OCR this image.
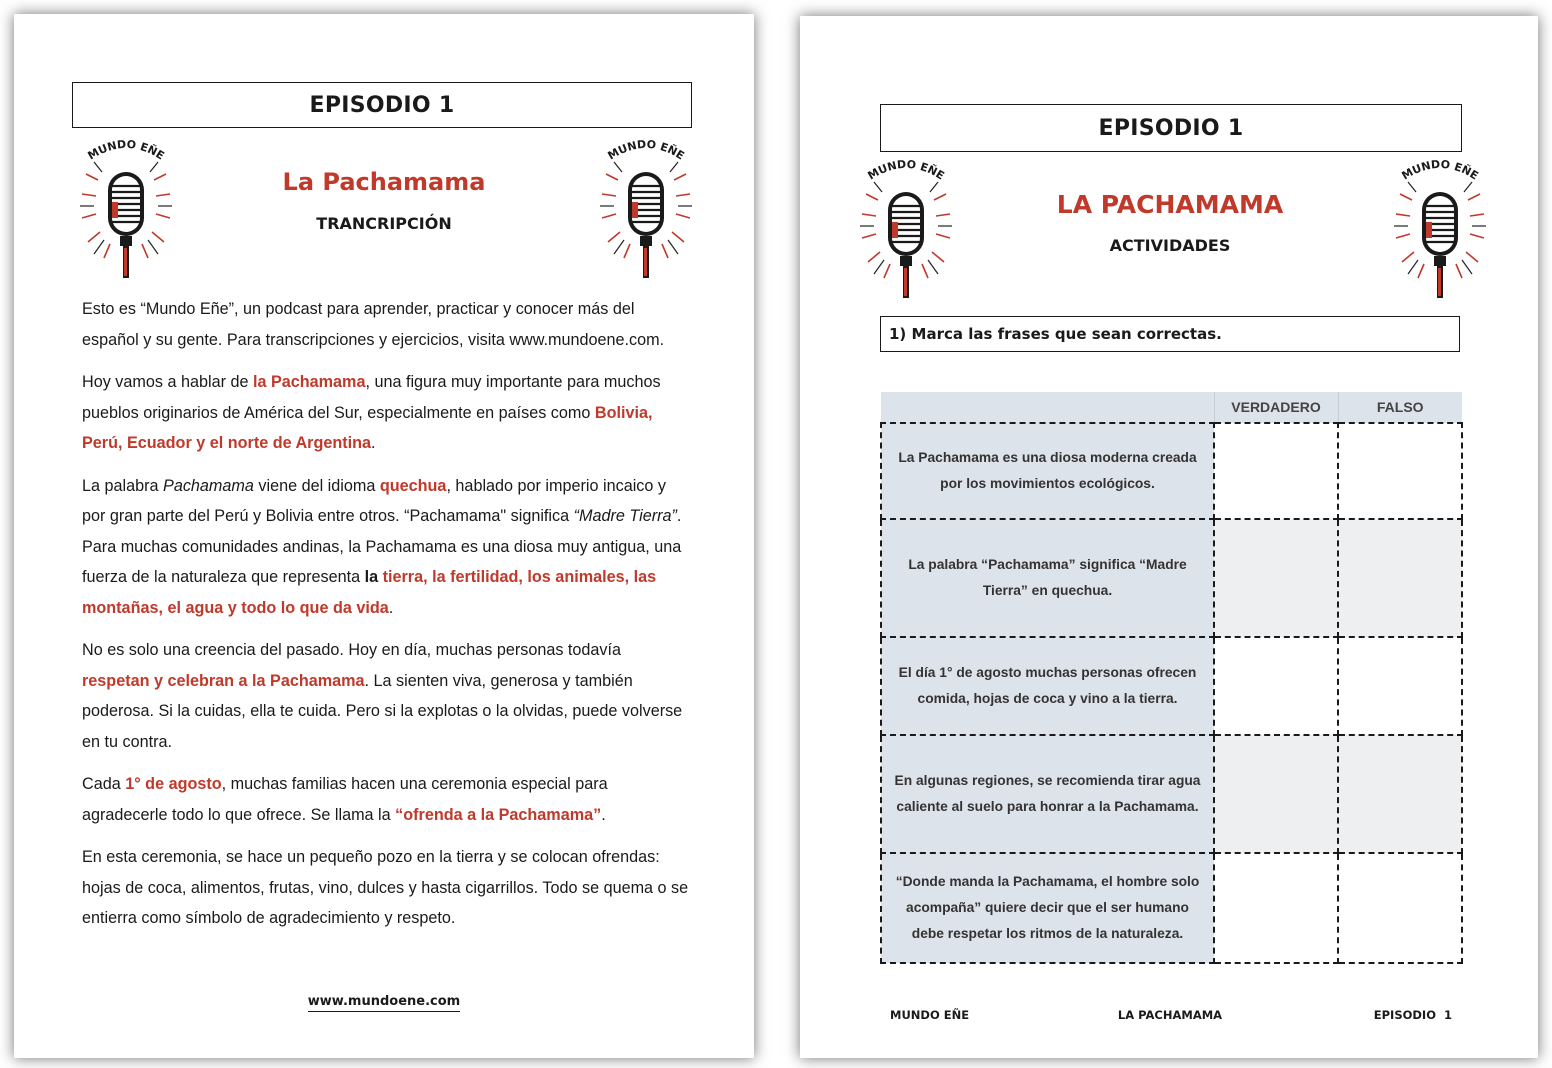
EPISODIO 1
MUNDO EÑE	MUNDO EÑE
La Pachamama
TRANCRIPCIÓN

Esto es “Mundo Eñe”, un podcast para aprender, practicar y conocer más del español y su gente. Para transcripciones y ejercicios, visita www.mundoene.com.

Hoy vamos a hablar de la Pachamama, una figura muy importante para muchos pueblos originarios de América del Sur, especialmente en países como Bolivia, Perú, Ecuador y el norte de Argentina.

La palabra Pachamama viene del idioma quechua, hablado por imperio incaico y por gran parte del Perú y Bolivia entre otros. “Pachamama" significa “Madre Tierra”. Para muchas comunidades andinas, la Pachamama es una diosa muy antigua, una fuerza de la naturaleza que representa la tierra, la fertilidad, los animales, las montañas, el agua y todo lo que da vida.

No es solo una creencia del pasado. Hoy en día, muchas personas todavía respetan y celebran a la Pachamama. La sienten viva, generosa y también poderosa. Si la cuidas, ella te cuida. Pero si la explotas o la olvidas, puede volverse en tu contra.

Cada 1° de agosto, muchas familias hacen una ceremonia especial para agradecerle todo lo que ofrece. Se llama la “ofrenda a la Pachamama”.

En esta ceremonia, se hace un pequeño pozo en la tierra y se colocan ofrendas: hojas de coca, alimentos, frutas, vino, dulces y hasta cigarrillos. Todo se quema o se entierra como símbolo de agradecimiento y respeto.

www.mundoene.com
EPISODIO 1
MUNDO EÑE	MUNDO EÑE
LA PACHAMAMA
ACTIVIDADES
1) Marca las frases que sean correctas.
	VERDADERO	FALSO
La Pachamama es una diosa moderna creada por los movimientos ecológicos.		
La palabra “Pachamama” significa “Madre Tierra” en quechua.		
El día 1° de agosto muchas personas ofrecen comida, hojas de coca y vino a la tierra.		
En algunas regiones, se recomienda tirar agua caliente al suelo para honrar a la Pachamama.		
“Donde manda la Pachamama, el hombre solo acompaña” quiere decir que el ser humano debe respetar los ritmos de la naturaleza.		
MUNDO EÑE	LA PACHAMAMA	EPISODIO  1
